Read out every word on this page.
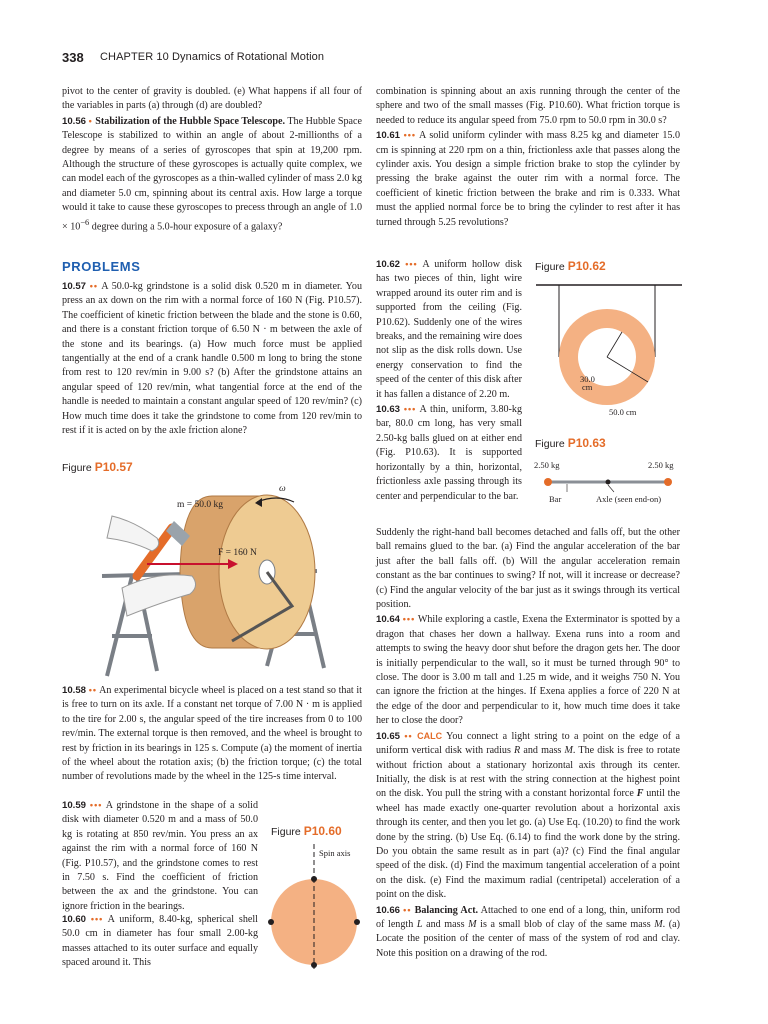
338 CHAPTER 10 Dynamics of Rotational Motion

pivot to the center of gravity is doubled. (e) What happens if all four of the variables in parts (a) through (d) are doubled?

10.56 • Stabilization of the Hubble Space Telescope. The Hubble Space Telescope is stabilized to within an angle of about 2-millionths of a degree by means of a series of gyroscopes that spin at 19,200 rpm. Although the structure of these gyroscopes is actually quite complex, we can model each of the gyroscopes as a thin-walled cylinder of mass 2.0 kg and diameter 5.0 cm, spinning about its central axis. How large a torque would it take to cause these gyroscopes to precess through an angle of $1.0 \times 10^{-6}$ degree during a 5.0-hour exposure of a galaxy?

PROBLEMS

10.57 •• A 50.0-kg grindstone is a solid disk 0.520 m in diameter. You press an ax down on the rim with a normal force of 160 N (Fig. P10.57). The coefficient of kinetic friction between the blade and the stone is 0.60, and there is a constant friction torque of 6.50 N · m between the axle of the stone and its bearings. (a) How much force must be applied tangentially at the end of a crank handle 0.500 m long to bring the stone from rest to 120 rev/min in 9.00 s? (b) After the grindstone attains an angular speed of 120 rev/min, what tangential force at the end of the handle is needed to maintain a constant angular speed of 120 rev/min? (c) How much time does it take the grindstone to come from 120 rev/min to rest if it is acted on by the axle friction alone?

Figure P10.57
ω
m = 50.0 kg
F = 160 N

10.58 •• An experimental bicycle wheel is placed on a test stand so that it is free to turn on its axle. If a constant net torque of 7.00 N · m is applied to the tire for 2.00 s, the angular speed of the tire increases from 0 to 100 rev/min. The external torque is then removed, and the wheel is brought to rest by friction in its bearings in 125 s. Compute (a) the moment of inertia of the wheel about the rotation axis; (b) the friction torque; (c) the total number of revolutions made by the wheel in the 125-s time interval.

10.59 ••• A grindstone in the shape of a solid disk with diameter 0.520 m and a mass of 50.0 kg is rotating at 850 rev/min. You press an ax against the rim with a normal force of 160 N (Fig. P10.57), and the grindstone comes to rest in 7.50 s. Find the coefficient of friction between the ax and the grindstone. You can ignore friction in the bearings.

10.60 ••• A uniform, 8.40-kg, spherical shell 50.0 cm in diameter has four small 2.00-kg masses attached to its outer surface and equally spaced around it. This

Figure P10.60
Spin axis

combination is spinning about an axis running through the center of the sphere and two of the small masses (Fig. P10.60). What friction torque is needed to reduce its angular speed from 75.0 rpm to 50.0 rpm in 30.0 s?

10.61 ••• A solid uniform cylinder with mass 8.25 kg and diameter 15.0 cm is spinning at 220 rpm on a thin, frictionless axle that passes along the cylinder axis. You design a simple friction brake to stop the cylinder by pressing the brake against the outer rim with a normal force. The coefficient of kinetic friction between the brake and rim is 0.333. What must the applied normal force be to bring the cylinder to rest after it has turned through 5.25 revolutions?

10.62 ••• A uniform hollow disk has two pieces of thin, light wire wrapped around its outer rim and is supported from the ceiling (Fig. P10.62). Suddenly one of the wires breaks, and the remaining wire does not slip as the disk rolls down. Use energy conservation to find the speed of the center of this disk after it has fallen a distance of 2.20 m.

10.63 ••• A thin, uniform, 3.80-kg bar, 80.0 cm long, has very small 2.50-kg balls glued on at either end (Fig. P10.63). It is supported horizontally by a thin, horizontal, frictionless axle passing through its center and perpendicular to the bar.

Figure P10.62
30.0
cm
50.0 cm
Figure P10.63
2.50 kg	2.50 kg
Bar	Axle (seen end-on)

Suddenly the right-hand ball becomes detached and falls off, but the other ball remains glued to the bar. (a) Find the angular acceleration of the bar just after the ball falls off. (b) Will the angular acceleration remain constant as the bar continues to swing? If not, will it increase or decrease? (c) Find the angular velocity of the bar just as it swings through its vertical position.

10.64 ••• While exploring a castle, Exena the Exterminator is spotted by a dragon that chases her down a hallway. Exena runs into a room and attempts to swing the heavy door shut before the dragon gets her. The door is initially perpendicular to the wall, so it must be turned through 90° to close. The door is 3.00 m tall and 1.25 m wide, and it weighs 750 N. You can ignore the friction at the hinges. If Exena applies a force of 220 N at the edge of the door and perpendicular to it, how much time does it take her to close the door?

10.65 •• CALC You connect a light string to a point on the edge of a uniform vertical disk with radius R and mass M. The disk is free to rotate without friction about a stationary horizontal axis through its center. Initially, the disk is at rest with the string connection at the highest point on the disk. You pull the string with a constant horizontal force F until the wheel has made exactly one-quarter revolution about a horizontal axis through its center, and then you let go. (a) Use Eq. (10.20) to find the work done by the string. (b) Use Eq. (6.14) to find the work done by the string. Do you obtain the same result as in part (a)? (c) Find the final angular speed of the disk. (d) Find the maximum tangential acceleration of a point on the disk. (e) Find the maximum radial (centripetal) acceleration of a point on the disk.

10.66 •• Balancing Act. Attached to one end of a long, thin, uniform rod of length L and mass M is a small blob of clay of the same mass M. (a) Locate the position of the center of mass of the system of rod and clay. Note this position on a drawing of the rod.
